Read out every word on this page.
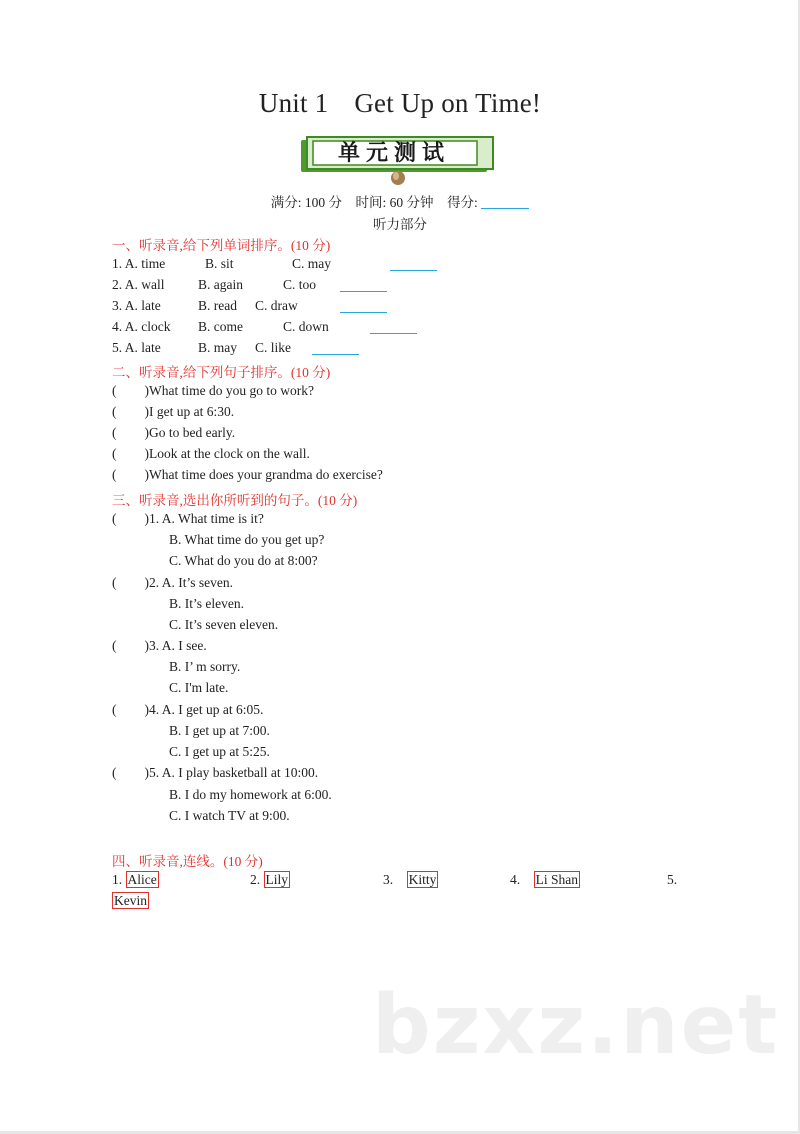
Unit 1 Get Up on Time!
单元测试
满分: 100 分 时间: 60 分钟 得分:
听力部分
一、听录音,给下列单词排序。(10 分)
1. A. time	B. sit	C. may
2. A. wall B. again	C. too
3. A. late	B. read C. draw
4. A. clock B. come	C. down
5. A. late	B. may C. like
二、听录音,给下列句子排序。(10 分)
( )What time do you go to work?
( )I get up at 6:30.
( )Go to bed early.
( )Look at the clock on the wall.
( )What time does your grandma do exercise?
三、听录音,选出你所听到的句子。(10 分)
( )1. A. What time is it?
B. What time do you get up?
C. What do you do at 8:00?
( )2. A. It’s seven.
B. It’s eleven.
C. It’s seven eleven.
( )3. A. I see.
B. I’ m sorry.
C. I'm late.
( )4. A. I get up at 6:05.
B. I get up at 7:00.
C. I get up at 5:25.
( )5. A. I play basketball at 10:00.
B. I do my homework at 6:00.
C. I watch TV at 9:00.
四、听录音,连线。(10 分)
1. Alice	2. Lily	3. Kitty	4. Li Shan	5.
Kevin
bzxz.net
